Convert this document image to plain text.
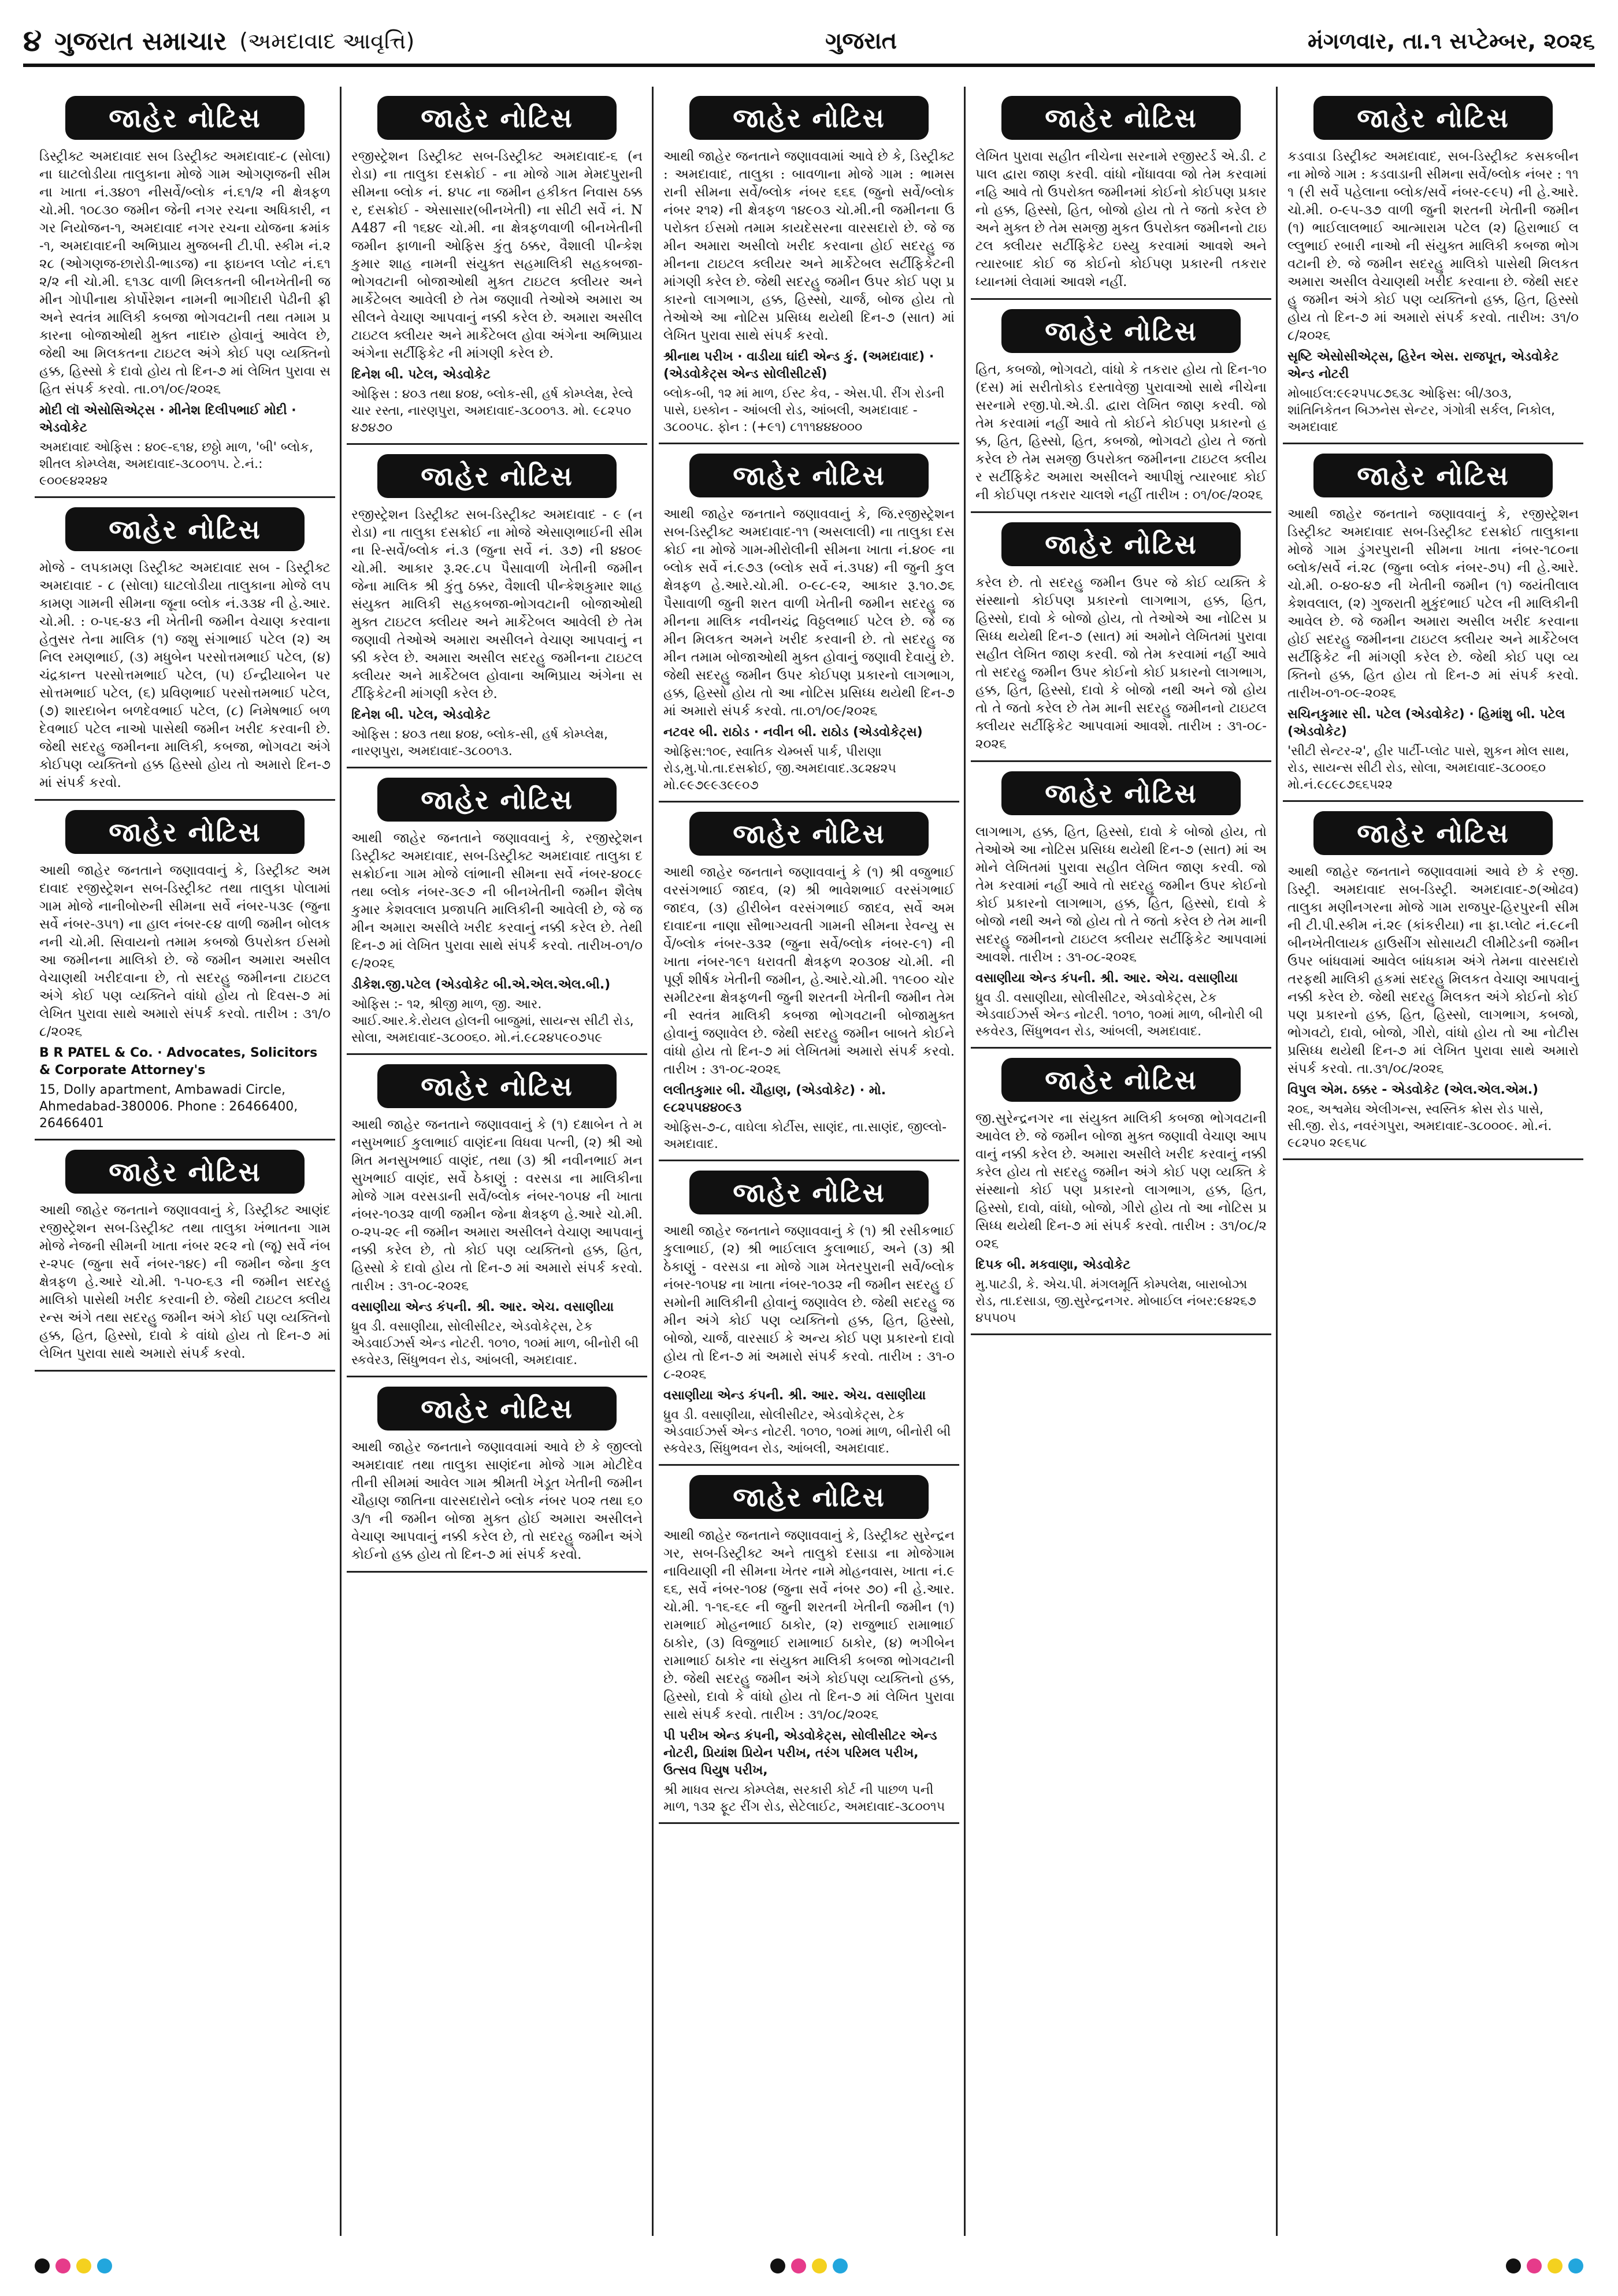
૪ ગુજરાત સમાચાર (અમદાવાદ આવૃત્તિ)	ગુજરાત	મંગળવાર, તા.૧ સપ્ટેમ્બર, ૨૦૨૬
જાહેર નોટિસ

ડિસ્ટ્રીક્ટ અમદાવાદ સબ ડિસ્ટ્રીક્ટ અમદાવાદ-૮ (સોલા) ના ઘાટલોડીયા તાલુકાના મોજે ગામ ઓગણજની સીમના ખાતા નં.૩૪૦૧ નીસર્વે/બ્લોક નં.૬૧/૨ ની ક્ષેત્રફળ ચો.મી. ૧૦૮૩૦ જમીન જેની નગર રચના અધિકારી, નગર નિયોજન-૧, અમદાવાદ નગર રચના યોજના ક્રમાંક-૧, અમદાવાદની અભિપ્રાય મુજબની ટી.પી. સ્કીમ નં.૨૨૮ (ઓગણજ-છારોડી-ભાડજ) ના ફાઇનલ પ્લોટ નં.૬૧૨/૨ ની ચો.મી. ૬૧૩૮ વાળી મિલકતની બીનખેતીની જમીન ગોપીનાથ કોર્પોરેશન નામની ભાગીદારી પેઢીની ફ્રી અને સ્વતંત્ર માલિકી કબજા ભોગવટાની તથા તમામ પ્રકારના બોજાઓથી મુક્ત નાદારુ હોવાનું આવેલ છે, જેથી આ મિલકતના ટાઇટલ અંગે કોઈ પણ વ્યક્તિનો હક્ક, હિસ્સો કે દાવો હોય તો દિન-૭ માં લેખિત પુરાવા સહિત સંપર્ક કરવો. તા.૦૧/૦૯/૨૦૨૬

મોદી લૉ એસોસિએટ્સ · મીનેશ દિલીપભાઈ મોદી · એડવોકેટ
અમદાવાદ ઓફિસ : ૪૦૯-૬૧૪, છઠ્ઠો માળ, 'બી' બ્લોક, શીતલ કોમ્પ્લેક્ષ, અમદાવાદ-૩૮૦૦૧૫. ટે.નં.: ૯૦૦૯૪૨૨૪૨
જાહેર નોટિસ

મોજે - લપકામણ ડિસ્ટ્રીક્ટ અમદાવાદ સબ - ડિસ્ટ્રીક્ટ અમદાવાદ - ૮ (સોલા) ઘાટલોડીયા તાલુકાના મોજે લપકામણ ગામની સીમના જૂના બ્લોક નં.૩૩૪ ની હે.આર.ચો.મી. : ૦-૫૬-૪૩ ની ખેતીની જમીન વેચાણ કરવાના હેતુસર તેના માલિક (૧) જશુ સંગાભાઈ પટેલ (૨) અનિલ રમણભાઈ, (૩) મધુબેન પરસોત્તમભાઈ પટેલ, (૪) ચંદ્રકાન્ત પરસોત્તમભાઈ પટેલ, (૫) ઈન્દ્રીયાબેન પરસોત્તમભાઈ પટેલ, (૬) પ્રવિણભાઈ પરસોત્તમભાઈ પટેલ, (૭) શારદાબેન બળદેવભાઈ પટેલ, (૮) નિમેષભાઈ બળદેવભાઈ પટેલ નાઓ પાસેથી જમીન ખરીદ કરવાની છે. જેથી સદરહુ જમીનના માલિકી, કબજા, ભોગવટા અંગે કોઈપણ વ્યક્તિનો હક્ક હિસ્સો હોય તો અમારો દિન-૭ માં સંપર્ક કરવો.

જાહેર નોટિસ

આથી જાહેર જનતાને જણાવવાનું કે, ડિસ્ટ્રીક્ટ અમદાવાદ રજીસ્ટ્રેશન સબ-ડિસ્ટ્રીક્ટ તથા તાલુકા પોલામાં ગામ મોજે નાનીબોરુની સીમના સર્વે નંબર-૫૩૯ (જુના સર્વે નંબર-૩૫૧) ના હાલ નંબર-૯૪ વાળી જમીન બોલકનની ચો.મી. સિવાયનો તમામ કબજો ઉપરોક્ત ઈસમો આ જમીનના માલિકો છે. જે જમીન અમારા અસીલ વેચાણથી ખરીદવાના છે, તો સદરહુ જમીનના ટાઇટલ અંગે કોઈ પણ વ્યક્તિને વાંધો હોય તો દિવસ-૭ માં લેખિત પુરાવા સાથે અમારો સંપર્ક કરવો. તારીખ : ૩૧/૦૮/૨૦૨૬

B R PATEL & Co. · Advocates, Solicitors & Corporate Attorney's
15, Dolly apartment, Ambawadi Circle, Ahmedabad-380006. Phone : 26466400, 26466401
જાહેર નોટિસ

આથી જાહેર જનતાને જણાવવાનું કે, ડિસ્ટ્રીક્ટ આણંદ રજીસ્ટ્રેશન સબ-ડિસ્ટ્રીક્ટ તથા તાલુકા ખંભાતના ગામ મોજે નેજની સીમની ખાતા નંબર ૨૯૨ નો (જૂ) સર્વે નંબર-૨૫૯ (જુના સર્વે નંબર-૧૪૯) ની જમીન જેના કુલ ક્ષેત્રફળ હે.આરે ચો.મી. ૧-૫૦-૬૩ ની જમીન સદરહુ માલિકો પાસેથી ખરીદ કરવાની છે. જેથી ટાઇટલ ક્લીયરન્સ અંગે તથા સદરહુ જમીન અંગે કોઈ પણ વ્યક્તિનો હક્ક, હિત, હિસ્સો, દાવો કે વાંધો હોય તો દિન-૭ માં લેખિત પુરાવા સાથે અમારો સંપર્ક કરવો.

જાહેર નોટિસ

રજીસ્ટ્રેશન ડિસ્ટ્રીક્ટ સબ-ડિસ્ટ્રીક્ટ અમદાવાદ-૬ (નરોડા) ના તાલુકા દસક્રોઈ - ના મોજે ગામ મેમદપુરાની સીમના બ્લોક નં. ૪૫૮ ના જમીન હકીકત નિવાસ ઠક્કર, દસક્રોઈ - એસાસાર(બીનખેતી) ના સીટી સર્વે નં. NA487 ની ૧૬૪૯ ચો.મી. ના ક્ષેત્રફળવાળી બીનખેતીની જમીન ફાળાની ઓફિસ કુંતુ ઠક્કર, વૈશાલી પીન્કેશકુમાર શાહ નામની સંયુક્ત સહમાલિકી સહકબજા-ભોગવટાની બોજાઓથી મુક્ત ટાઇટલ ક્લીયર અને માર્કેટેબલ આવેલી છે તેમ જણાવી તેઓએ અમારા અસીલને વેચાણ આપવાનું નક્કી કરેલ છે. અમારા અસીલ ટાઇટલ ક્લીયર અને માર્કેટેબલ હોવા અંગેના અભિપ્રાય અંગેના સર્ટીફિકેટ ની માંગણી કરેલ છે.

દિનેશ બી. પટેલ, એડવોકેટ
ઓફિસ : ૪૦૩ તથા ૪૦૪, બ્લોક-સી, હર્ષ કોમ્પ્લેક્ષ, રેલ્વે ચાર રસ્તા, નારણપુરા, અમદાવાદ-૩૮૦૦૧૩. મો. ૯૮૨૫૦ ૪૭૪૭૦
જાહેર નોટિસ

રજીસ્ટ્રેશન ડિસ્ટ્રીક્ટ સબ-ડિસ્ટ્રીક્ટ અમદાવાદ - ૯ (નરોડા) ના તાલુકા દસક્રોઈ ના મોજે એસાણભાઈની સીમના રિ-સર્વે/બ્લોક નં.૩ (જુના સર્વે નં. ૩૭) ની ૪૪૦૯ ચો.મી. આકાર રૂ.૨૯.૮૫ પૈસાવાળી ખેતીની જમીન જેના માલિક શ્રી કુંતુ ઠક્કર, વૈશાલી પીન્કેશકુમાર શાહ સંયુક્ત માલિકી સહકબજા-ભોગવટાની બોજાઓથી મુક્ત ટાઇટલ ક્લીયર અને માર્કેટેબલ આવેલી છે તેમ જણાવી તેઓએ અમારા અસીલને વેચાણ આપવાનું નક્કી કરેલ છે. અમારા અસીલ સદરહુ જમીનના ટાઇટલ ક્લીયર અને માર્કેટેબલ હોવાના અભિપ્રાય અંગેના સર્ટીફિકેટની માંગણી કરેલ છે.

દિનેશ બી. પટેલ, એડવોકેટ
ઓફિસ : ૪૦૩ તથા ૪૦૪, બ્લોક-સી, હર્ષ કોમ્પ્લેક્ષ, નારણપુરા, અમદાવાદ-૩૮૦૦૧૩.
જાહેર નોટિસ

આથી જાહેર જનતાને જણાવવાનું કે, રજીસ્ટ્રેશન ડિસ્ટ્રીક્ટ અમદાવાદ, સબ-ડિસ્ટ્રીક્ટ અમદાવાદ તાલુકા દસક્રોઈના ગામ મોજે લાંભાની સીમના સર્વે નંબર-૪૦૮૯ તથા બ્લોક નંબર-૩૯૭ ની બીનખેતીની જમીન શૈલેષકુમાર કેશવલાલ પ્રજાપતિ માલિકીની આવેલી છે, જે જમીન અમારા અસીલે ખરીદ કરવાનું નક્કી કરેલ છે. તેથી દિન-૭ માં લેખિત પુરાવા સાથે સંપર્ક કરવો. તારીખ-૦૧/૦૯/૨૦૨૬

ડીકેશ.જી.પટેલ (એડવોકેટ બી.એ.એલ.એલ.બી.)
ઓફિસ :- ૧૨, શ્રીજી માળ, જી. આર. આઈ.આર.કે.રોયલ હોલની બાજુમાં, સાયન્સ સીટી રોડ, સોલા, અમદાવાદ-૩૮૦૦૬૦. મો.નં.૯૮૨૪૫૯૦૭૫૯
જાહેર નોટિસ

આથી જાહેર જનતાને જણાવવાનું કે (૧) દક્ષાબેન તે મનસુખભાઈ કુલાભાઈ વાણંદના વિધવા પત્ની, (૨) શ્રી ઓમિત મનસુખભાઈ વાણંદ, તથા (૩) શ્રી નવીનભાઈ મનસુખભાઈ વાણંદ, સર્વે ઠેકાણું : વરસડા ના માલિકીના મોજે ગામ વરસડાની સર્વે/બ્લોક નંબર-૧૦૫૪ ની ખાતા નંબર-૧૦૩૨ વાળી જમીન જેના ક્ષેત્રફળ હે.આરે ચો.મી. ૦-૨૫-૨૯ ની જમીન અમારા અસીલને વેચાણ આપવાનું નક્કી કરેલ છે, તો કોઈ પણ વ્યક્તિનો હક્ક, હિત, હિસ્સો કે દાવો હોય તો દિન-૭ માં અમારો સંપર્ક કરવો. તારીખ : ૩૧-૦૮-૨૦૨૬

વસાણીયા એન્ડ કંપની. શ્રી. આર. એચ. વસાણીયા
ધ્રુવ ડી. વસાણીયા, સોલીસીટર, એડવોકેટ્સ, ટેક એડવાઈઝર્સ એન્ડ નોટરી. ૧૦૧૦, ૧૦માં માળ, બીનોરી બી સ્કવેર૩, સિંધુભવન રોડ, આંબલી, અમદાવાદ.
જાહેર નોટિસ

આથી જાહેર જનતાને જણાવવામાં આવે છે કે જીલ્લો અમદાવાદ તથા તાલુકા સાણંદના મોજે ગામ મોટીદેવતીની સીમમાં આવેલ ગામ શ્રીમતી ખેડૂત ખેતીની જમીન ચૌહાણ જાતિના વારસદારોને બ્લોક નંબર ૫૦૨ તથા ૬૦૩/૧ ની જમીન બોજા મુક્ત હોઈ અમારા અસીલને વેચાણ આપવાનું નક્કી કરેલ છે, તો સદરહુ જમીન અંગે કોઈનો હક્ક હોય તો દિન-૭ માં સંપર્ક કરવો.

જાહેર નોટિસ

આથી જાહેર જનતાને જણાવવામાં આવે છે કે, ડિસ્ટ્રીક્ટ : અમદાવાદ, તાલુકા : બાવળાના મોજે ગામ : ભામસરાની સીમના સર્વે/બ્લોક નંબર ૬૬૬ (જુનો સર્વે/બ્લોક નંબર ૨૧૨) ની ક્ષેત્રફળ ૧૪૯૦૩ ચો.મી.ની જમીનના ઉપરોક્ત ઈસમો તમામ કાયદેસરના વારસદારો છે. જે જમીન અમારા અસીલો ખરીદ કરવાના હોઈ સદરહુ જમીનના ટાઇટલ ક્લીયર અને માર્કેટેબલ સર્ટીફિકેટની માંગણી કરેલ છે. જેથી સદરહુ જમીન ઉપર કોઈ પણ પ્રકારનો લાગભાગ, હક્ક, હિસ્સો, ચાર્જ, બોજ હોય તો તેઓએ આ નોટિસ પ્રસિધ્ધ થયેથી દિન-૭ (સાત) માં લેખિત પુરાવા સાથે સંપર્ક કરવો.

શ્રીનાથ પરીખ · વાડીયા ઘાંદી એન્ડ કું. (અમદાવાદ) · (એડવોકેટ્સ એન્ડ સોલીસીટર્સ)
બ્લોક-બી, ૧૨ માં માળ, ઈસ્ટ કેવ, - એસ.પી. રીંગ રોડની પાસે, ઇસ્કોન - આંબલી રોડ, આંબલી, અમદાવાદ - ૩૮૦૦૫૮. ફોન : (+૯૧) ૮૧૧૧૪૪૪૦૦૦
જાહેર નોટિસ

આથી જાહેર જનતાને જણાવવાનું કે, જિ.રજીસ્ટ્રેશન સબ-ડિસ્ટ્રીક્ટ અમદાવાદ-૧૧ (અસલાલી) ના તાલુકા દસક્રોઈ ના મોજે ગામ-મીરોલીની સીમના ખાતા નં.૪૦૯ ના બ્લોક સર્વે નં.૯૭૩ (બ્લોક સર્વે નં.૩૫૪) ની જુની કુલ ક્ષેત્રફળ હે.આરે.ચો.મી. ૦-૯૮-૯૨, આકાર રૂ.૧૦.૭૬ પૈસાવાળી જુની શરત વાળી ખેતીની જમીન સદરહુ જમીનના માલિક નવીનચંદ્ર વિઠ્ઠલભાઈ પટેલ છે. જે જમીન મિલકત અમને ખરીદ કરવાની છે. તો સદરહુ જમીન તમામ બોજાઓથી મુક્ત હોવાનું જણાવી દેવાયું છે. જેથી સદરહુ જમીન ઉપર કોઈપણ પ્રકારનો લાગભાગ, હક્ક, હિસ્સો હોય તો આ નોટિસ પ્રસિધ્ધ થયેથી દિન-૭ માં અમારો સંપર્ક કરવો. તા.૦૧/૦૯/૨૦૨૬

નટવર બી. રાઠોડ · નવીન બી. રાઠોડ (એડવોકેટ્સ)
ઓફિસ:૧૦૯, સ્વાતિક ચેમ્બર્સ પાર્ક, પીરાણા રોડ,મુ.પો.તા.દસક્રોઈ, જી.અમદાવાદ.૩૮૨૪૨૫ મો.૯૯૭૯૯૩૯૯૦૭
જાહેર નોટિસ

આથી જાહેર જનતાને જણાવવાનું કે (૧) શ્રી વજુભાઈ વરસંગભાઈ જાદવ, (૨) શ્રી ભાવેશભાઈ વરસંગભાઈ જાદવ, (૩) હીરીબેન વરસંગભાઈ જાદવ, સર્વે અમદાવાદના નાણા સૌભાગ્યવતી ગામની સીમના રેવન્યુ સર્વે/બ્લોક નંબર-૩૩૨ (જુના સર્વે/બ્લોક નંબર-૯૧) ની ખાતા નંબર-૧૯૧ ધરાવતી ક્ષેત્રફળ ૨૦૩૦૪ ચો.મી. ની પૂર્ણ શીર્ષક ખેતીની જમીન, હે.આરે.ચો.મી. ૧૧૯૦૦ ચોરસમીટરના ક્ષેત્રફળની જુની શરતની ખેતીની જમીન તેમની સ્વતંત્ર માલિકી કબજા ભોગવટાની બોજામુક્ત હોવાનું જણાવેલ છે. જેથી સદરહુ જમીન બાબતે કોઈને વાંધો હોય તો દિન-૭ માં લેખિતમાં અમારો સંપર્ક કરવો. તારીખ : ૩૧-૦૮-૨૦૨૬

લલીતકુમાર બી. ચૌહાણ, (એડવોકેટ) · મો. ૯૮૨૫૫૪૪૦૯૩
ઓફિસ-૭-૮, વાઘેલા કોર્ટીસ, સાણંદ, તા.સાણંદ, જીલ્લો-અમદાવાદ.
જાહેર નોટિસ

આથી જાહેર જનતાને જણાવવાનું કે (૧) શ્રી રસીકભાઈ કુલાભાઈ, (૨) શ્રી ભાઈલાલ કુલાભાઈ, અને (૩) શ્રી ઠેકાણું - વરસડા ના મોજે ગામ ખેતરપુરાની સર્વે/બ્લોક નંબર-૧૦૫૪ ના ખાતા નંબર-૧૦૩૨ ની જમીન સદરહુ ઈસમોની માલિકીની હોવાનું જણાવેલ છે. જેથી સદરહુ જમીન અંગે કોઈ પણ વ્યક્તિનો હક્ક, હિત, હિસ્સો, બોજો, ચાર્જ, વારસાઈ કે અન્ય કોઈ પણ પ્રકારનો દાવો હોય તો દિન-૭ માં અમારો સંપર્ક કરવો. તારીખ : ૩૧-૦૮-૨૦૨૬

વસાણીયા એન્ડ કંપની. શ્રી. આર. એચ. વસાણીયા
ધ્રુવ ડી. વસાણીયા, સોલીસીટર, એડવોકેટ્સ, ટેક એડવાઈઝર્સ એન્ડ નોટરી. ૧૦૧૦, ૧૦માં માળ, બીનોરી બી સ્કવેર૩, સિંધુભવન રોડ, આંબલી, અમદાવાદ.
જાહેર નોટિસ

આથી જાહેર જનતાને જણાવવાનું કે, ડિસ્ટ્રીક્ટ સુરેન્દ્રનગર, સબ-ડિસ્ટ્રીક્ટ અને તાલુકો દસાડા ના મોજેગામ નાવિયાણી ની સીમના ખેતર નામે મોહનવાસ, ખાતા નં.૯૬૬, સર્વે નંબર-૧૦૪ (જુના સર્વે નંબર ૭૦) ની હે.આર.ચો.મી. ૧-૧૬-૬૯ ની જુની શરતની ખેતીની જમીન (૧) રામભાઈ મોહનભાઈ ઠાકોર, (૨) રાજુભાઈ રામાભાઈ ઠાકોર, (૩) વિજુભાઈ રામાભાઈ ઠાકોર, (૪) ભગીબેન રામાભાઈ ઠાકોર ના સંયુક્ત માલિકી કબજા ભોગવટાની છે. જેથી સદરહુ જમીન અંગે કોઈપણ વ્યક્તિનો હક્ક, હિસ્સો, દાવો કે વાંધો હોય તો દિન-૭ માં લેખિત પુરાવા સાથે સંપર્ક કરવો. તારીખ : ૩૧/૦૮/૨૦૨૬

પી પરીખ એન્ડ કંપની, એડવોકેટ્સ, સોલીસીટર એન્ડ નોટરી, પ્રિયાંશ પ્રિયેન પરીખ, તરંગ પરિમલ પરીખ, ઉત્સવ પિયુષ પરીખ,
શ્રી માધવ સત્ય કોમ્પ્લેક્ષ, સરકારી કોર્ટ ની પાછળ પની માળ, ૧૩૨ ફૂટ રીંગ રોડ, સેટેલાઈટ, અમદાવાદ-૩૮૦૦૧૫
જાહેર નોટિસ

લેખિત પુરાવા સહીત નીચેના સરનામે રજીસ્ટર્ડ એ.ડી. ટપાલ દ્વારા જાણ કરવી. વાંધો નોંધાવવા જો તેમ કરવામાં નહિ આવે તો ઉપરોક્ત જમીનમાં કોઈનો કોઈપણ પ્રકારનો હક્ક, હિસ્સો, હિત, બોજો હોય તો તે જતો કરેલ છે અને મુક્ત છે તેમ સમજી મુકત ઉપરોક્ત જમીનનો ટાઇટલ ક્લીયર સર્ટીફિકેટ ઇસ્યુ કરવામાં આવશે અને ત્યારબાદ કોઈ જ કોઈનો કોઈપણ પ્રકારની તકરાર ધ્યાનમાં લેવામાં આવશે નહીં.

જાહેર નોટિસ

હિત, કબજો, ભોગવટો, વાંધો કે તકરાર હોય તો દિન-૧૦(દસ) માં સરીતોકોડ દસ્તાવેજી પુરાવાઓ સાથે નીચેના સરનામે રજી.પો.એ.ડી. દ્વારા લેખિત જાણ કરવી. જો તેમ કરવામાં નહીં આવે તો કોઈને કોઈપણ પ્રકારનો હક્ક, હિત, હિસ્સો, હિત, કબજો, ભોગવટો હોય તે જતો કરેલ છે તેમ સમજી ઉપરોક્ત જમીનના ટાઇટલ ક્લીયર સર્ટીફિકેટ અમારા અસીલને આપીશું ત્યારબાદ કોઈની કોઈપણ તકરાર ચાલશે નહીં તારીખ : ૦૧/૦૯/૨૦૨૬

જાહેર નોટિસ

કરેલ છે. તો સદરહુ જમીન ઉપર જે કોઈ વ્યક્તિ કે સંસ્થાનો કોઈપણ પ્રકારનો લાગભાગ, હક્ક, હિત, હિસ્સો, દાવો કે બોજો હોય, તો તેઓએ આ નોટિસ પ્રસિધ્ધ થયેથી દિન-૭ (સાત) માં અમોને લેખિતમાં પુરાવા સહીત લેખિત જાણ કરવી. જો તેમ કરવામાં નહીં આવે તો સદરહુ જમીન ઉપર કોઈનો કોઈ પ્રકારનો લાગભાગ, હક્ક, હિત, હિસ્સો, દાવો કે બોજો નથી અને જો હોય તો તે જતો કરેલ છે તેમ માની સદરહુ જમીનનો ટાઇટલ ક્લીયર સર્ટીફિકેટ આપવામાં આવશે. તારીખ : ૩૧-૦૮-૨૦૨૬

જાહેર નોટિસ

લાગભાગ, હક્ક, હિત, હિસ્સો, દાવો કે બોજો હોય, તો તેઓએ આ નોટિસ પ્રસિધ્ધ થયેથી દિન-૭ (સાત) માં અમોને લેખિતમાં પુરાવા સહીત લેખિત જાણ કરવી. જો તેમ કરવામાં નહીં આવે તો સદરહુ જમીન ઉપર કોઈનો કોઈ પ્રકારનો લાગભાગ, હક્ક, હિત, હિસ્સો, દાવો કે બોજો નથી અને જો હોય તો તે જતો કરેલ છે તેમ માની સદરહુ જમીનનો ટાઇટલ ક્લીયર સર્ટીફિકેટ આપવામાં આવશે. તારીખ : ૩૧-૦૮-૨૦૨૬

વસાણીયા એન્ડ કંપની. શ્રી. આર. એચ. વસાણીયા
ધ્રુવ ડી. વસાણીયા, સોલીસીટર, એડવોકેટ્સ, ટેક એડવાઈઝર્સ એન્ડ નોટરી. ૧૦૧૦, ૧૦માં માળ, બીનોરી બી સ્કવેર૩, સિંધુભવન રોડ, આંબલી, અમદાવાદ.
જાહેર નોટિસ

જી.સુરેન્દ્રનગર ના સંયુક્ત માલિકી કબજા ભોગવટાની આવેલ છે. જે જમીન બોજા મુક્ત જણાવી વેચાણ આપવાનું નક્કી કરેલ છે. અમારા અસીલે ખરીદ કરવાનું નક્કી કરેલ હોય તો સદરહુ જમીન અંગે કોઈ પણ વ્યક્તિ કે સંસ્થાનો કોઈ પણ પ્રકારનો લાગભાગ, હક્ક, હિત, હિસ્સો, દાવો, વાંધો, બોજો, ગીરો હોય તો આ નોટિસ પ્રસિધ્ધ થયેથી દિન-૭ માં સંપર્ક કરવો. તારીખ : ૩૧/૦૮/૨૦૨૬

દિપક બી. મકવાણા, એડવોકેટ
મુ.પાટડી, કે. એચ.પી. મંગલમૂર્તિ કોમ્પલેક્ષ, બારાબોઝા રોડ, તા.દસાડા, જી.સુરેન્દ્રનગર. મોબાઈલ નંબર:૯૪૨૬૭ ૪૫૫૦૫
જાહેર નોટિસ

કડવાડા ડિસ્ટ્રીક્ટ અમદાવાદ, સબ-ડિસ્ટ્રીક્ટ કસકબીનના મોજે ગામ : કડવાડાની સીમના સર્વે/બ્લોક નંબર : ૧૧૧ (રી સર્વે પહેલાના બ્લોક/સર્વે નંબર-૯૯૫) ની હે.આરે.ચો.મી. ૦-૯૫-૩૭ વાળી જુની શરતની ખેતીની જમીન (૧) ભાઈલાલભાઈ આત્મારામ પટેલ (૨) હિરાભાઈ લલ્લુભાઈ રબારી નાઓ ની સંયુક્ત માલિકી કબજા ભોગવટાની છે. જે જમીન સદરહુ માલિકો પાસેથી મિલકત અમારા અસીલ વેચાણથી ખરીદ કરવાના છે. જેથી સદરહુ જમીન અંગે કોઈ પણ વ્યક્તિનો હક્ક, હિત, હિસ્સો હોય તો દિન-૭ માં અમારો સંપર્ક કરવો. તારીખ: ૩૧/૦૮/૨૦૨૬

સૃષ્ટિ એસોસીએટ્સ, હિરેન એસ. રાજપૂત, એડવોકેટ એન્ડ નોટરી
મોબાઈલ:૯૯૨૫૫૮૭૬૩૮ ઓફિસ: બી/૩૦૩, શાંતિનિકેતન બિઝનેસ સેન્ટર, ગંગોત્રી સર્કલ, નિકોલ, અમદાવાદ
જાહેર નોટિસ

આથી જાહેર જનતાને જણાવવાનું કે, રજીસ્ટ્રેશન ડિસ્ટ્રીક્ટ અમદાવાદ સબ-ડિસ્ટ્રીક્ટ દસક્રોઈ તાલુકાના મોજે ગામ ડુંગરપુરાની સીમના ખાતા નંબર-૧૮૦ના બ્લોક/સર્વે નં.૨૮ (જુના બ્લોક નંબર-૭૫) ની હે.આરે.ચો.મી. ૦-૪૦-૪૭ ની ખેતીની જમીન (૧) જયંતીલાલ કેશવલાલ, (૨) ગુજરાતી મુકુંદભાઈ પટેલ ની માલિકીની આવેલ છે. જે જમીન અમારા અસીલ ખરીદ કરવાના હોઈ સદરહુ જમીનના ટાઇટલ ક્લીયર અને માર્કેટેબલ સર્ટીફિકેટ ની માંગણી કરેલ છે. જેથી કોઈ પણ વ્યક્તિનો હક્ક, હિત હોય તો દિન-૭ માં સંપર્ક કરવો. તારીખ-૦૧-૦૯-૨૦૨૬

સચિનકુમાર સી. પટેલ (એડવોકેટ) · હિમાંશુ બી. પટેલ (એડવોકેટ)
'સીટી સેન્ટર-૨', હીર પાર્ટી-પ્લોટ પાસે, શુકન મોલ સાથ, રોડ, સાયન્સ સીટી રોડ, સોલા, અમદાવાદ-૩૮૦૦૬૦ મો.નં.૯૮૯૮૭૬૬૫૨૨
જાહેર નોટિસ

આથી જાહેર જનતાને જણાવવામાં આવે છે કે રજી. ડિસ્ટ્રી. અમદાવાદ સબ-ડિસ્ટ્રી. અમદાવાદ-૭(ઓઢવ) તાલુકા મણીનગરના મોજે ગામ રાજપુર-હિરપુરની સીમની ટી.પી.સ્કીમ નં.૨૯ (કાંકરીયા) ના ફા.પ્લોટ નં.૯૮ની બીનખેતીલાયક હાઉસીંગ સોસાયટી લીમીટેડની જમીન ઉપર બાંધવામાં આવેલ બાંધકામ અંગે તેમના વારસદારો તરફથી માલિકી હકમાં સદરહુ મિલકત વેચાણ આપવાનું નક્કી કરેલ છે. જેથી સદરહુ મિલકત અંગે કોઈનો કોઈ પણ પ્રકારનો હક્ક, હિત, હિસ્સો, લાગભાગ, કબજો, ભોગવટો, દાવો, બોજો, ગીરો, વાંધો હોય તો આ નોટીસ પ્રસિધ્ધ થયેથી દિન-૭ માં લેખિત પુરાવા સાથે અમારો સંપર્ક કરવો. તા.૩૧/૦૮/૨૦૨૬

વિપુલ એમ. ઠક્કર - એડવોકેટ (એલ.એલ.એમ.)
૨૦૬, અશ્વમેઘ એલીગન્સ, સ્વસ્તિક ક્રોસ રોડ પાસે, સી.જી. રોડ, નવરંગપુરા, અમદાવાદ-૩૮૦૦૦૯. મો.નં. ૯૮૨૫૦ ૨૯૬૫૮
